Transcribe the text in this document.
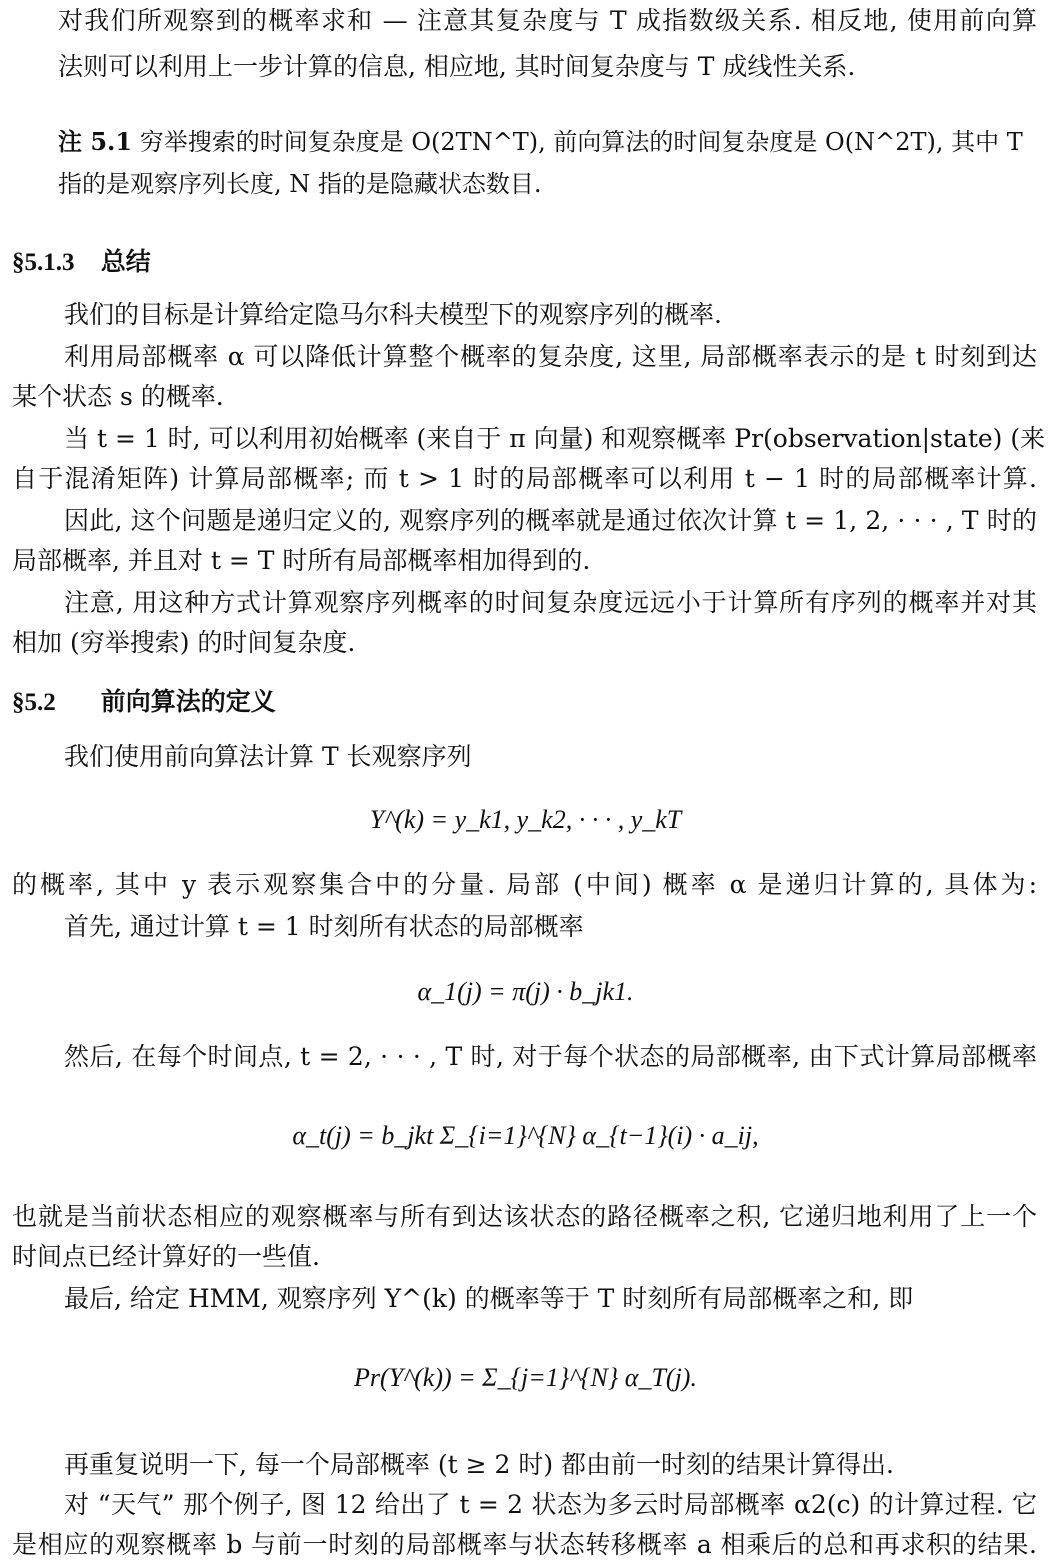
对我们所观察到的概率求和 — 注意其复杂度与 T 成指数级关系. 相反地, 使用前向算
法则可以利用上一步计算的信息, 相应地, 其时间复杂度与 T 成线性关系.
注 5.1 穷举搜索的时间复杂度是 O(2TN^T), 前向算法的时间复杂度是 O(N^2T), 其中 T
指的是观察序列长度, N 指的是隐藏状态数目.
§5.1.3 总结
我们的目标是计算给定隐马尔科夫模型下的观察序列的概率.
利用局部概率 α 可以降低计算整个概率的复杂度, 这里, 局部概率表示的是 t 时刻到达
某个状态 s 的概率.
当 t = 1 时, 可以利用初始概率 (来自于 π 向量) 和观察概率 Pr(observation|state) (来
自于混淆矩阵) 计算局部概率; 而 t > 1 时的局部概率可以利用 t − 1 时的局部概率计算.
因此, 这个问题是递归定义的, 观察序列的概率就是通过依次计算 t = 1, 2, · · · , T 时的
局部概率, 并且对 t = T 时所有局部概率相加得到的.
注意, 用这种方式计算观察序列概率的时间复杂度远远小于计算所有序列的概率并对其
相加 (穷举搜索) 的时间复杂度.
§5.2 前向算法的定义
我们使用前向算法计算 T 长观察序列
Y^(k) = y_k1, y_k2, · · · , y_kT
的概率, 其中 y 表示观察集合中的分量. 局部 (中间) 概率 α 是递归计算的, 具体为:
首先, 通过计算 t = 1 时刻所有状态的局部概率
α_1(j) = π(j) · b_jk1.
然后, 在每个时间点, t = 2, · · · , T 时, 对于每个状态的局部概率, 由下式计算局部概率
α_t(j) = b_jkt Σ_{i=1}^{N} α_{t−1}(i) · a_ij,
也就是当前状态相应的观察概率与所有到达该状态的路径概率之积, 它递归地利用了上一个
时间点已经计算好的一些值.
最后, 给定 HMM, 观察序列 Y^(k) 的概率等于 T 时刻所有局部概率之和, 即
Pr(Y^(k)) = Σ_{j=1}^{N} α_T(j).
再重复说明一下, 每一个局部概率 (t ≥ 2 时) 都由前一时刻的结果计算得出.
对 “天气” 那个例子, 图 12 给出了 t = 2 状态为多云时局部概率 α2(c) 的计算过程. 它
是相应的观察概率 b 与前一时刻的局部概率与状态转移概率 a 相乘后的总和再求积的结果.
